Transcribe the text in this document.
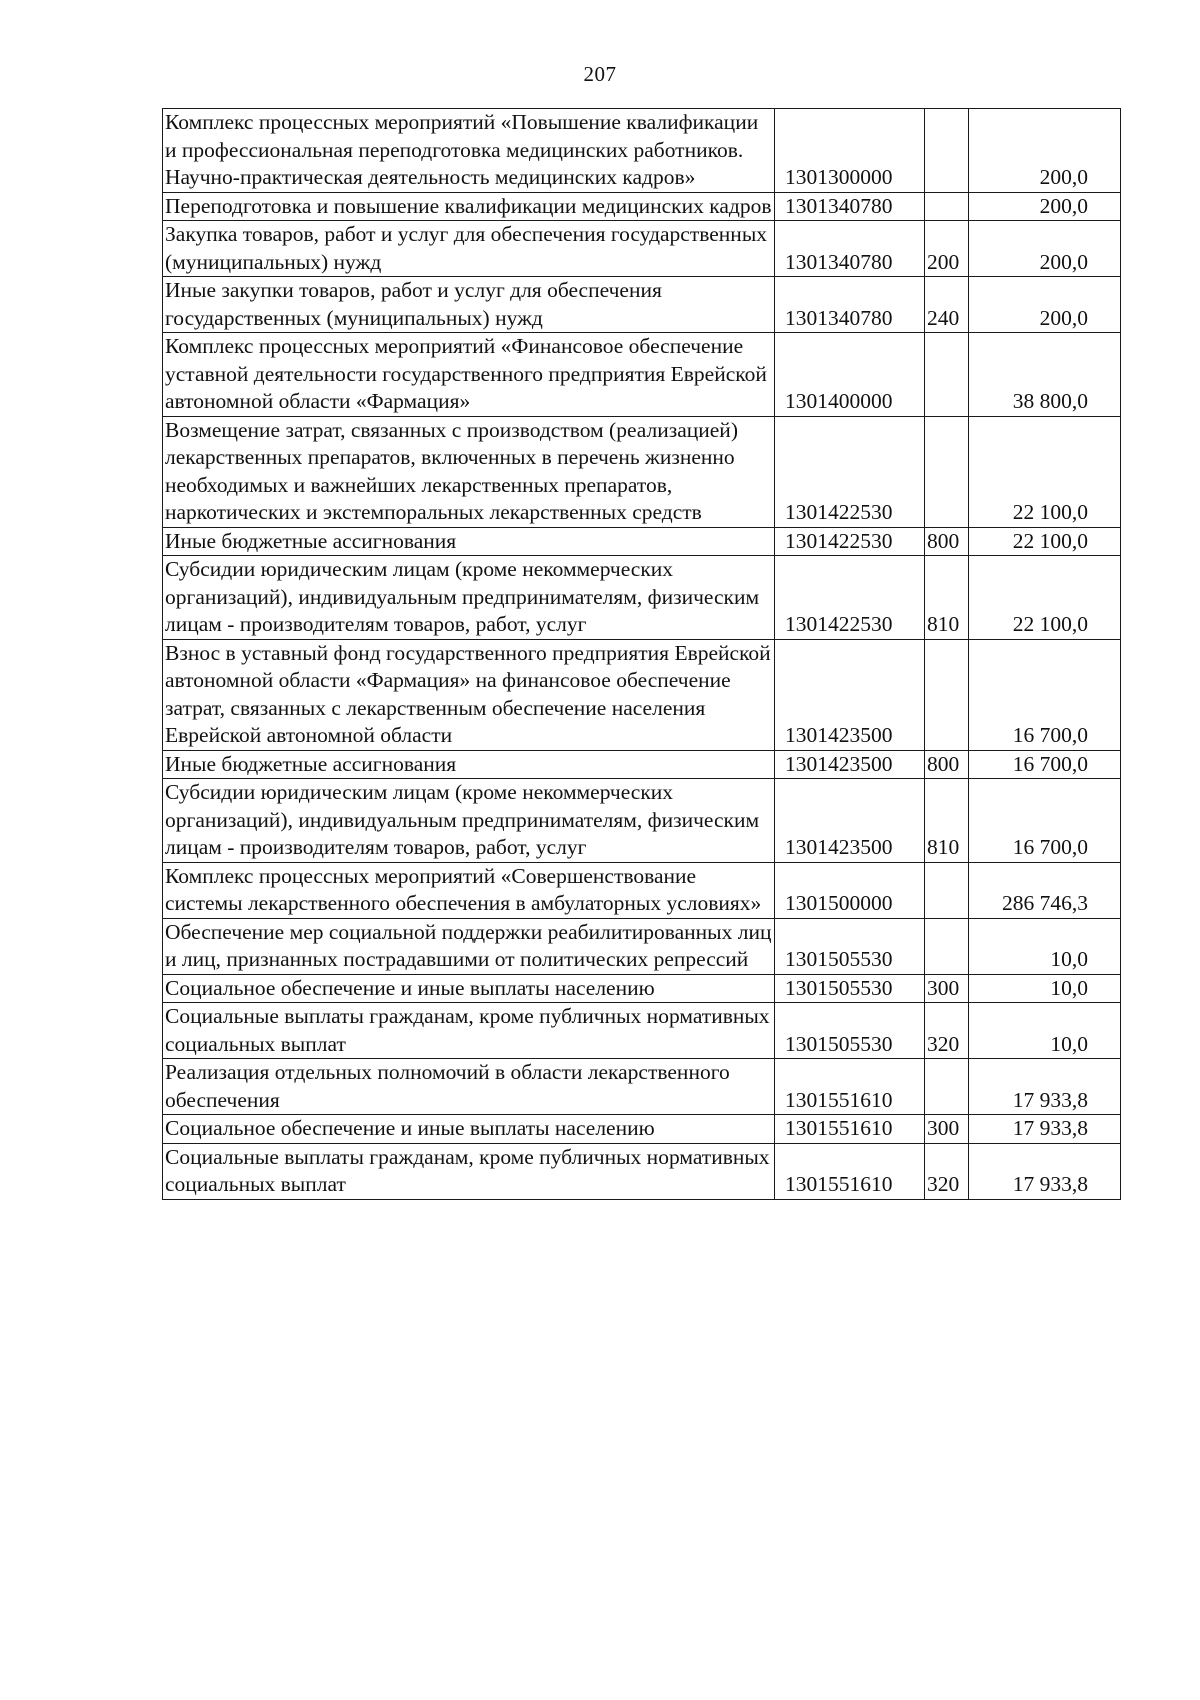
207
Комплекс процессных мероприятий «Повышение квалификации и профессиональная переподготовка медицинских работников. Научно-практическая деятельность медицинских кадров»	1301300000		200,0
Переподготовка и повышение квалификации медицинских кадров	1301340780		200,0
Закупка товаров, работ и услуг для обеспечения государственных (муниципальных) нужд	1301340780	200	200,0
Иные закупки товаров, работ и услуг для обеспечения государственных (муниципальных) нужд	1301340780	240	200,0
Комплекс процессных мероприятий «Финансовое обеспечение уставной деятельности государственного предприятия Еврейской автономной области «Фармация»	1301400000		38 800,0
Возмещение затрат, связанных с производством (реализацией) лекарственных препаратов, включенных в перечень жизненно необходимых и важнейших лекарственных препаратов, наркотических и экстемпоральных лекарственных средств	1301422530		22 100,0
Иные бюджетные ассигнования	1301422530	800	22 100,0
Субсидии юридическим лицам (кроме некоммерческих организаций), индивидуальным предпринимателям, физическим лицам - производителям товаров, работ, услуг	1301422530	810	22 100,0
Взнос в уставный фонд государственного предприятия Еврейской автономной области «Фармация» на финансовое обеспечение затрат, связанных с лекарственным обеспечение населения Еврейской автономной области	1301423500		16 700,0
Иные бюджетные ассигнования	1301423500	800	16 700,0
Субсидии юридическим лицам (кроме некоммерческих организаций), индивидуальным предпринимателям, физическим лицам - производителям товаров, работ, услуг	1301423500	810	16 700,0
Комплекс процессных мероприятий «Совершенствование системы лекарственного обеспечения в амбулаторных условиях»	1301500000		286 746,3
Обеспечение мер социальной поддержки реабилитированных лиц и лиц, признанных пострадавшими от политических репрессий	1301505530		10,0
Социальное обеспечение и иные выплаты населению	1301505530	300	10,0
Социальные выплаты гражданам, кроме публичных нормативных социальных выплат	1301505530	320	10,0
Реализация отдельных полномочий в области лекарственного обеспечения	1301551610		17 933,8
Социальное обеспечение и иные выплаты населению	1301551610	300	17 933,8
Социальные выплаты гражданам, кроме публичных нормативных социальных выплат	1301551610	320	17 933,8
